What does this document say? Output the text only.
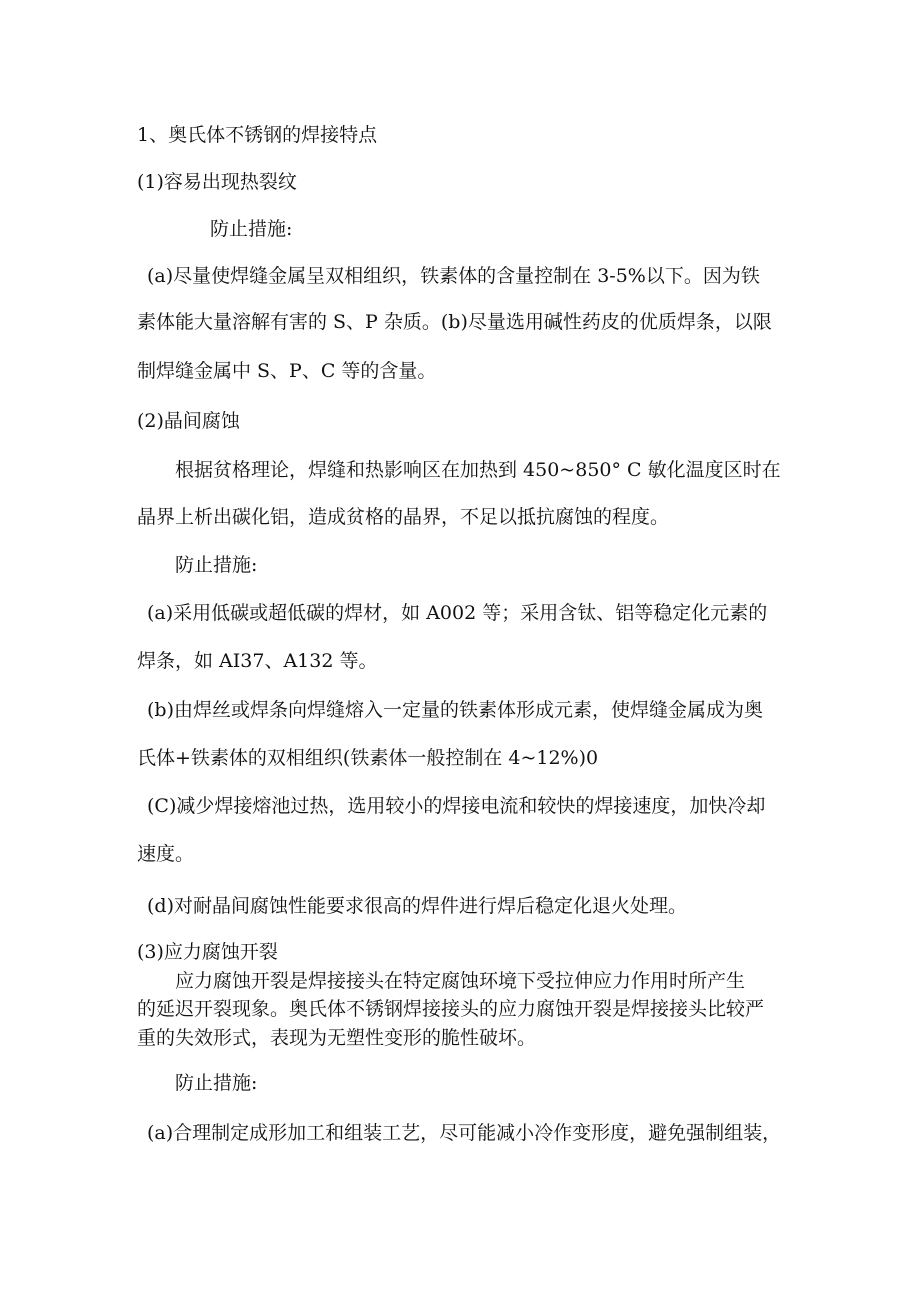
1、奥氏体不锈钢的焊接特点
(1)容易出现热裂纹
防止措施:
(a)尽量使焊缝金属呈双相组织，铁素体的含量控制在 3-5%以下。因为铁
素体能大量溶解有害的 S、P 杂质。(b)尽量选用碱性药皮的优质焊条，以限
制焊缝金属中 S、P、C 等的含量。
(2)晶间腐蚀
根据贫格理论，焊缝和热影响区在加热到 450~850° C 敏化温度区时在
晶界上析出碳化铝，造成贫格的晶界，不足以抵抗腐蚀的程度。
防止措施:
(a)采用低碳或超低碳的焊材，如 A002 等；采用含钛、铝等稳定化元素的
焊条，如 AI37、A132 等。
(b)由焊丝或焊条向焊缝熔入一定量的铁素体形成元素，使焊缝金属成为奥
氏体+铁素体的双相组织(铁素体一般控制在 4~12%)0
(C)减少焊接熔池过热，选用较小的焊接电流和较快的焊接速度，加快冷却
速度。
(d)对耐晶间腐蚀性能要求很高的焊件进行焊后稳定化退火处理。
(3)应力腐蚀开裂
应力腐蚀开裂是焊接接头在特定腐蚀环境下受拉伸应力作用时所产生
的延迟开裂现象。奥氏体不锈钢焊接接头的应力腐蚀开裂是焊接接头比较严
重的失效形式，表现为无塑性变形的脆性破坏。
防止措施:
(a)合理制定成形加工和组装工艺，尽可能减小冷作变形度，避免强制组装，
